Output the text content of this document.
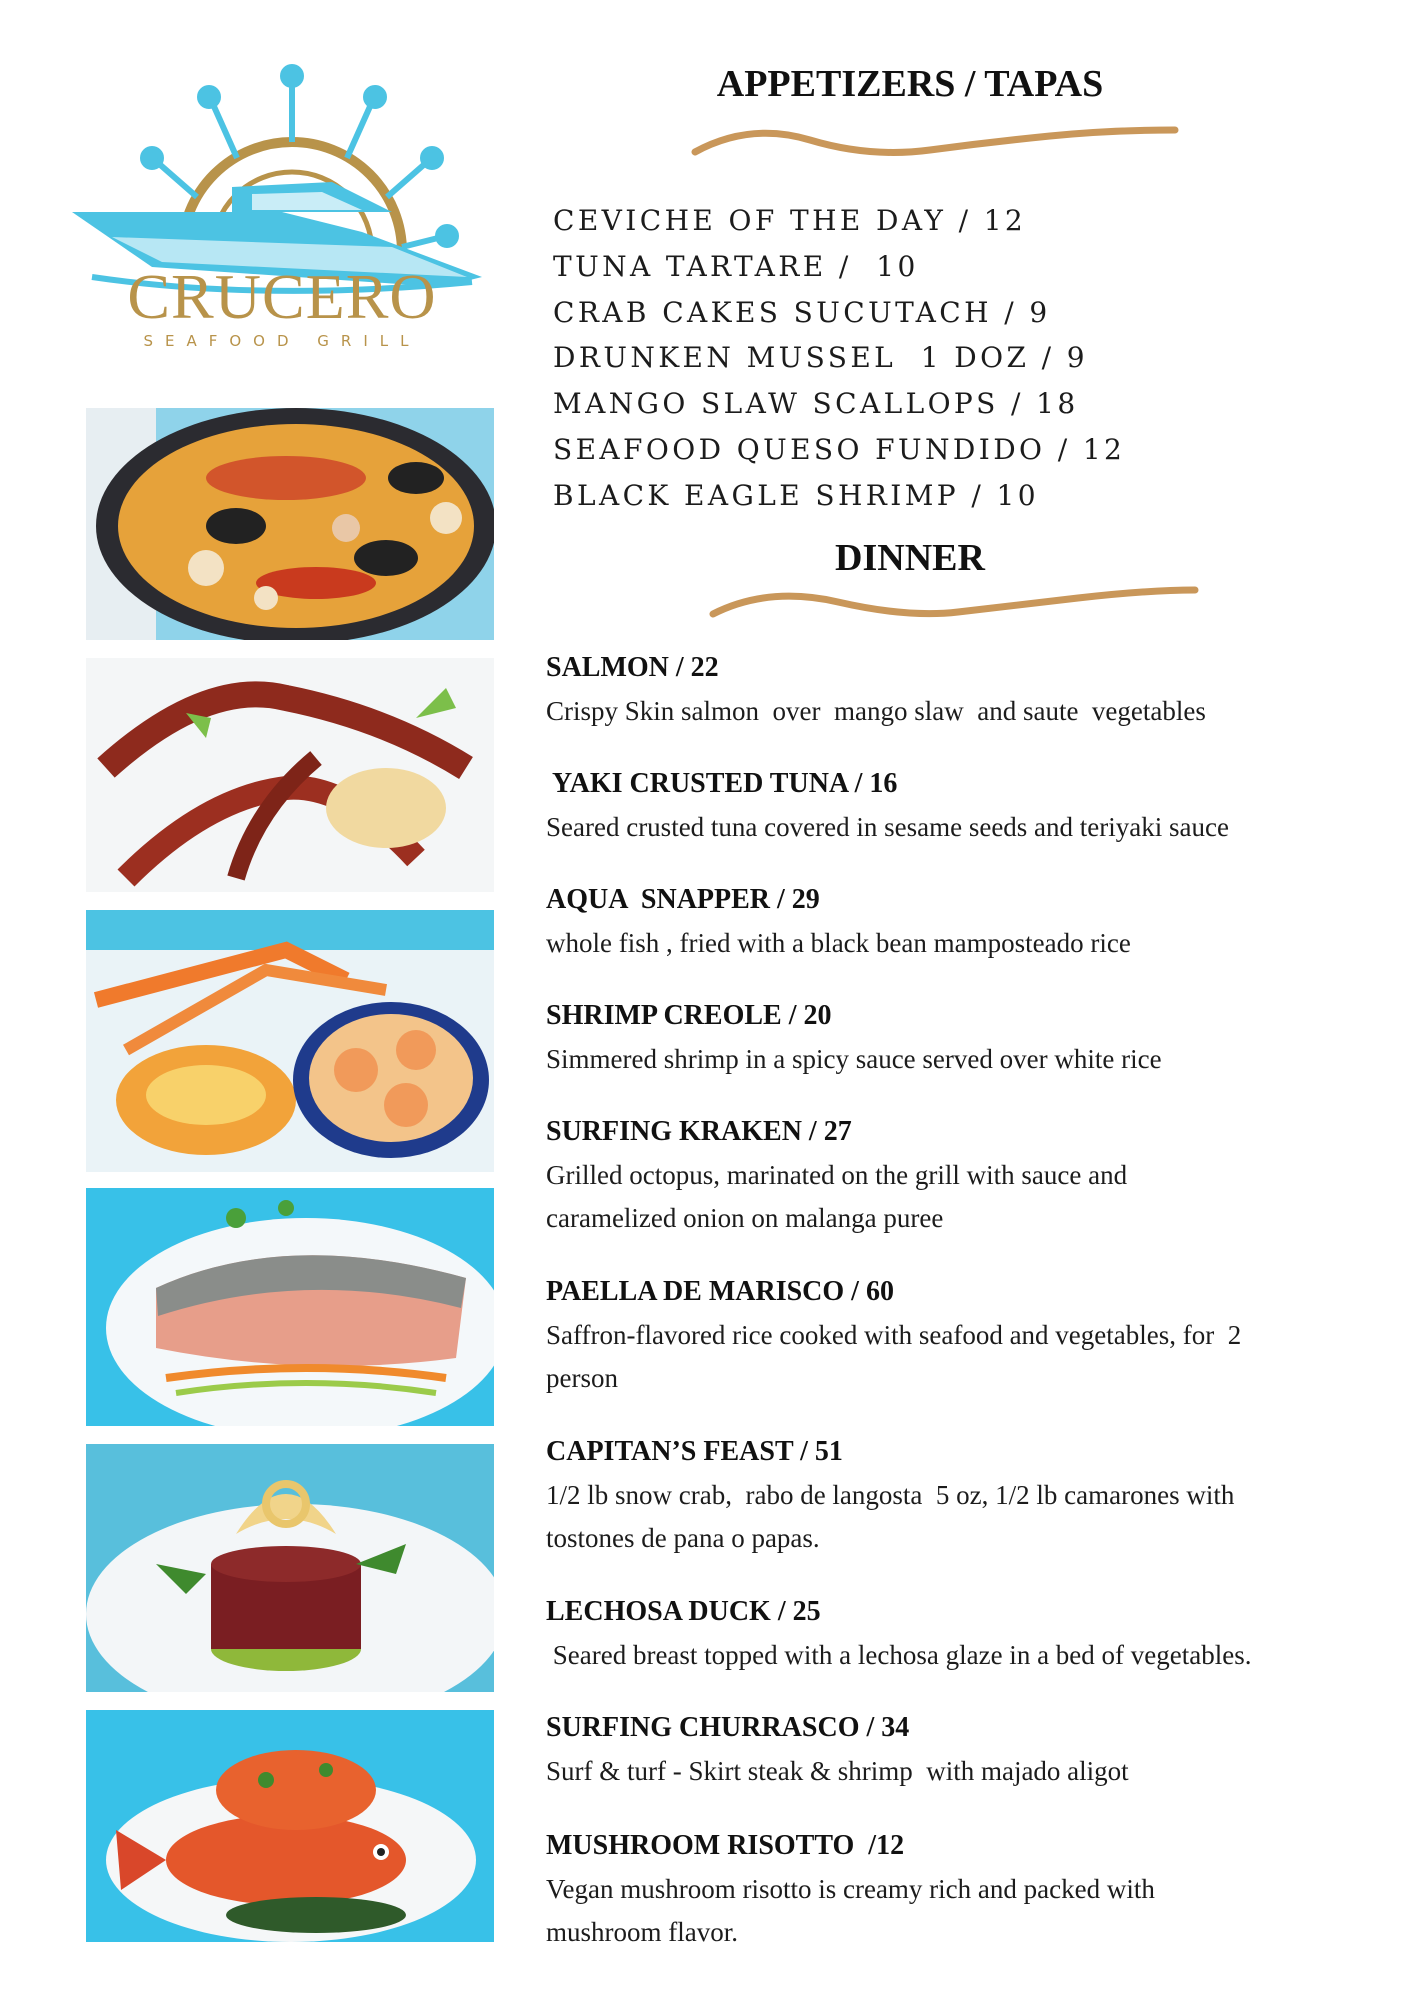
CRUCERO
SEAFOOD GRILL
APPETIZERS / TAPAS
CEVICHE OF THE DAY / 12
TUNA TARTARE /  10
CRAB CAKES SUCUTACH / 9
DRUNKEN MUSSEL  1 DOZ / 9
MANGO SLAW SCALLOPS / 18
SEAFOOD QUESO FUNDIDO / 12
BLACK EAGLE SHRIMP / 10
DINNER
SALMON / 22
Crispy Skin salmon  over  mango slaw  and saute  vegetables
YAKI CRUSTED TUNA / 16
Seared crusted tuna covered in sesame seeds and teriyaki sauce
AQUA  SNAPPER / 29
whole fish , fried with a black bean mamposteado rice
SHRIMP CREOLE / 20
Simmered shrimp in a spicy sauce served over white rice
SURFING KRAKEN / 27
Grilled octopus, marinated on the grill with sauce and
caramelized onion on malanga puree
PAELLA DE MARISCO / 60
Saffron-flavored rice cooked with seafood and vegetables, for  2
person
CAPITAN’S FEAST / 51
1/2 lb snow crab,  rabo de langosta  5 oz, 1/2 lb camarones with
tostones de pana o papas.
LECHOSA DUCK / 25
Seared breast topped with a lechosa glaze in a bed of vegetables.
SURFING CHURRASCO / 34
Surf & turf - Skirt steak & shrimp  with majado aligot
MUSHROOM RISOTTO  /12
Vegan mushroom risotto is creamy rich and packed with
mushroom flavor.
